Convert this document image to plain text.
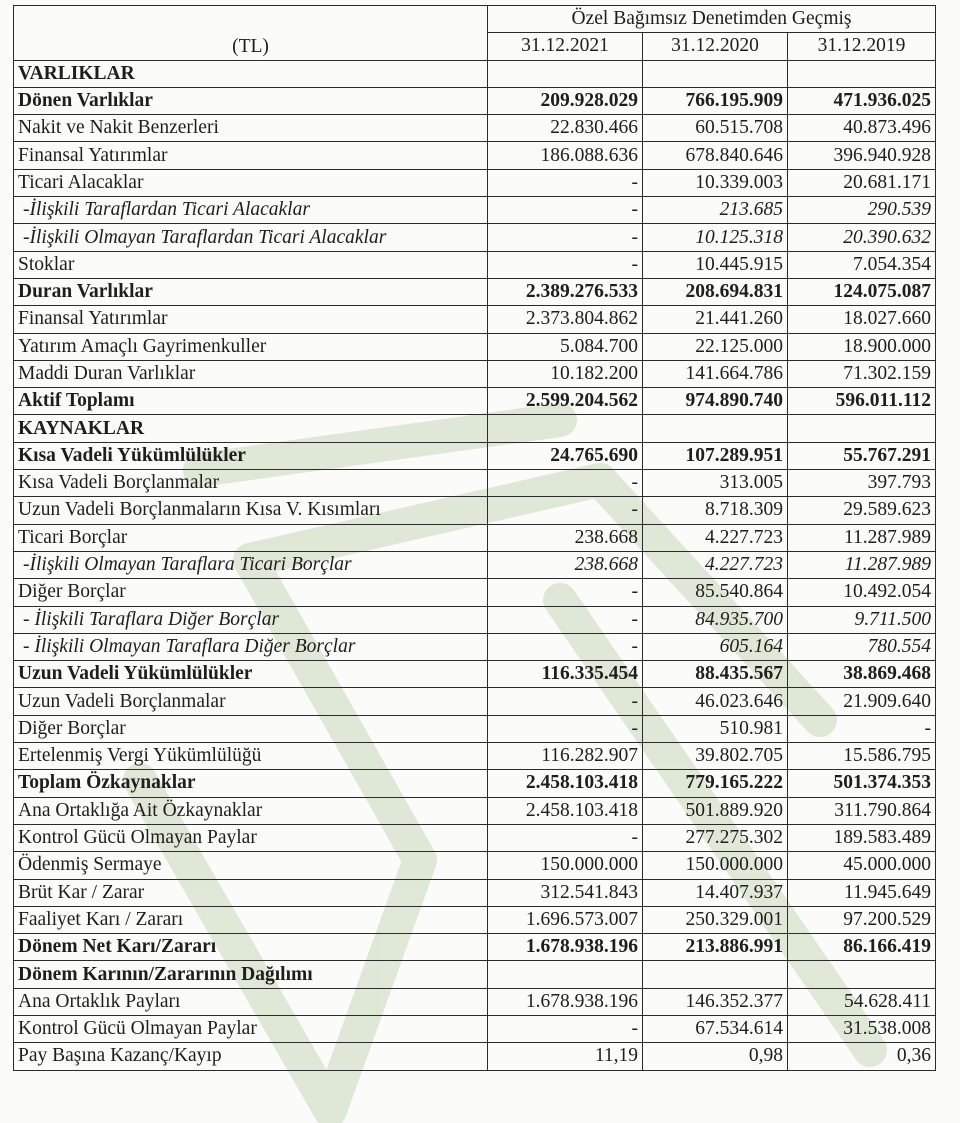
(TL)	Özel Bağımsız Denetimden Geçmiş		
	31.12.2021	31.12.2020	31.12.2019
VARLIKLAR			
Dönen Varlıklar	209.928.029	766.195.909	471.936.025
Nakit ve Nakit Benzerleri	22.830.466	60.515.708	40.873.496
Finansal Yatırımlar	186.088.636	678.840.646	396.940.928
Ticari Alacaklar	-	10.339.003	20.681.171
-İlişkili Taraflardan Ticari Alacaklar	-	213.685	290.539
-İlişkili Olmayan Taraflardan Ticari Alacaklar	-	10.125.318	20.390.632
Stoklar	-	10.445.915	7.054.354
Duran Varlıklar	2.389.276.533	208.694.831	124.075.087
Finansal Yatırımlar	2.373.804.862	21.441.260	18.027.660
Yatırım Amaçlı Gayrimenkuller	5.084.700	22.125.000	18.900.000
Maddi Duran Varlıklar	10.182.200	141.664.786	71.302.159
Aktif Toplamı	2.599.204.562	974.890.740	596.011.112
KAYNAKLAR			
Kısa Vadeli Yükümlülükler	24.765.690	107.289.951	55.767.291
Kısa Vadeli Borçlanmalar	-	313.005	397.793
Uzun Vadeli Borçlanmaların Kısa V. Kısımları	-	8.718.309	29.589.623
Ticari Borçlar	238.668	4.227.723	11.287.989
-İlişkili Olmayan Taraflara Ticari Borçlar	238.668	4.227.723	11.287.989
Diğer Borçlar	-	85.540.864	10.492.054
- İlişkili Taraflara Diğer Borçlar	-	84.935.700	9.711.500
- İlişkili Olmayan Taraflara Diğer Borçlar	-	605.164	780.554
Uzun Vadeli Yükümlülükler	116.335.454	88.435.567	38.869.468
Uzun Vadeli Borçlanmalar	-	46.023.646	21.909.640
Diğer Borçlar	-	510.981	-
Ertelenmiş Vergi Yükümlülüğü	116.282.907	39.802.705	15.586.795
Toplam Özkaynaklar	2.458.103.418	779.165.222	501.374.353
Ana Ortaklığa Ait Özkaynaklar	2.458.103.418	501.889.920	311.790.864
Kontrol Gücü Olmayan Paylar	-	277.275.302	189.583.489
Ödenmiş Sermaye	150.000.000	150.000.000	45.000.000
Brüt Kar / Zarar	312.541.843	14.407.937	11.945.649
Faaliyet Karı / Zararı	1.696.573.007	250.329.001	97.200.529
Dönem Net Karı/Zararı	1.678.938.196	213.886.991	86.166.419
Dönem Karının/Zararının Dağılımı			
Ana Ortaklık Payları	1.678.938.196	146.352.377	54.628.411
Kontrol Gücü Olmayan Paylar	-	67.534.614	31.538.008
Pay Başına Kazanç/Kayıp	11,19	0,98	0,36
